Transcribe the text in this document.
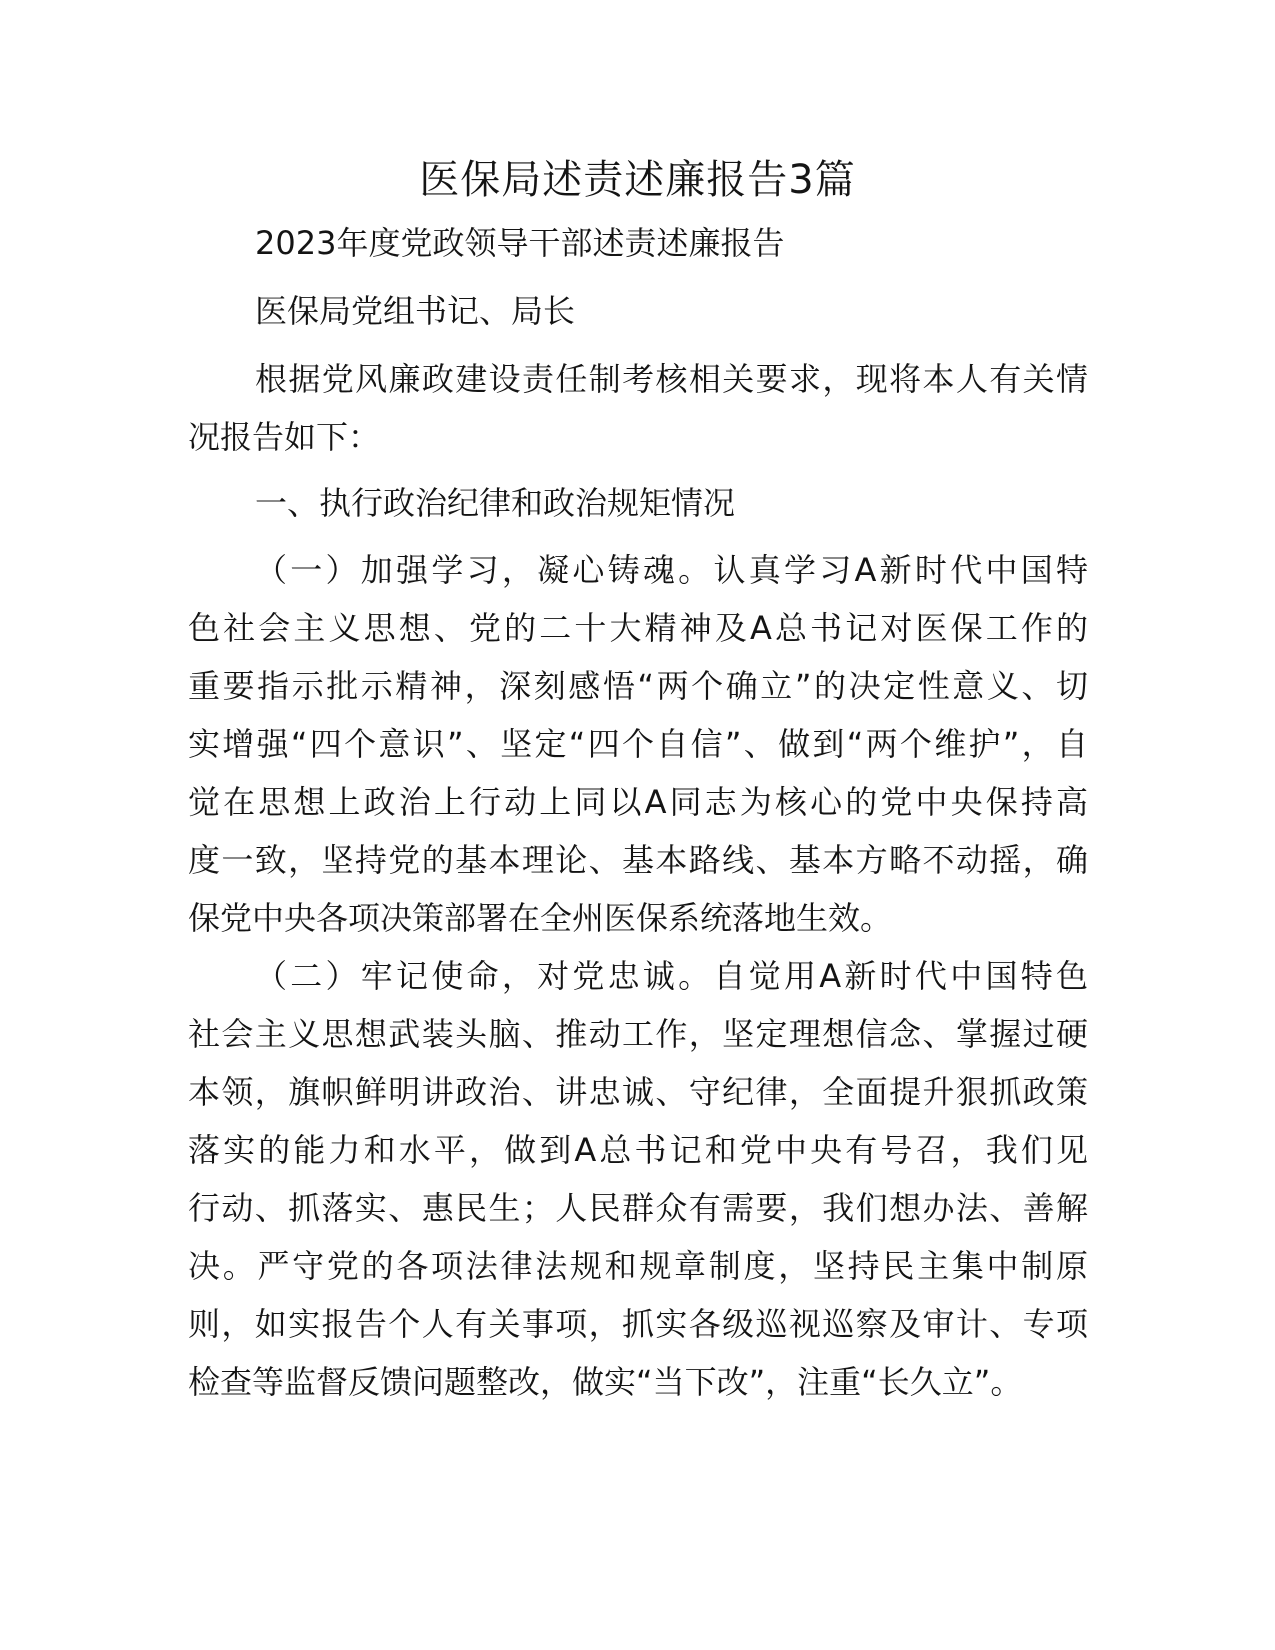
医保局述责述廉报告3篇
2023年度党政领导干部述责述廉报告
医保局党组书记、局长
根据党风廉政建设责任制考核相关要求，现将本人有关情
况报告如下：
一、执行政治纪律和政治规矩情况
（一）加强学习，凝心铸魂。认真学习A新时代中国特
色社会主义思想、党的二十大精神及A总书记对医保工作的
重要指示批示精神，深刻感悟“两个确立”的决定性意义、切
实增强“四个意识”、坚定“四个自信”、做到“两个维护”，自
觉在思想上政治上行动上同以A同志为核心的党中央保持高
度一致，坚持党的基本理论、基本路线、基本方略不动摇，确
保党中央各项决策部署在全州医保系统落地生效。
（二）牢记使命，对党忠诚。自觉用A新时代中国特色
社会主义思想武装头脑、推动工作，坚定理想信念、掌握过硬
本领，旗帜鲜明讲政治、讲忠诚、守纪律，全面提升狠抓政策
落实的能力和水平，做到A总书记和党中央有号召，我们见
行动、抓落实、惠民生；人民群众有需要，我们想办法、善解
决。严守党的各项法律法规和规章制度，坚持民主集中制原
则，如实报告个人有关事项，抓实各级巡视巡察及审计、专项
检查等监督反馈问题整改，做实“当下改”，注重“长久立”。
